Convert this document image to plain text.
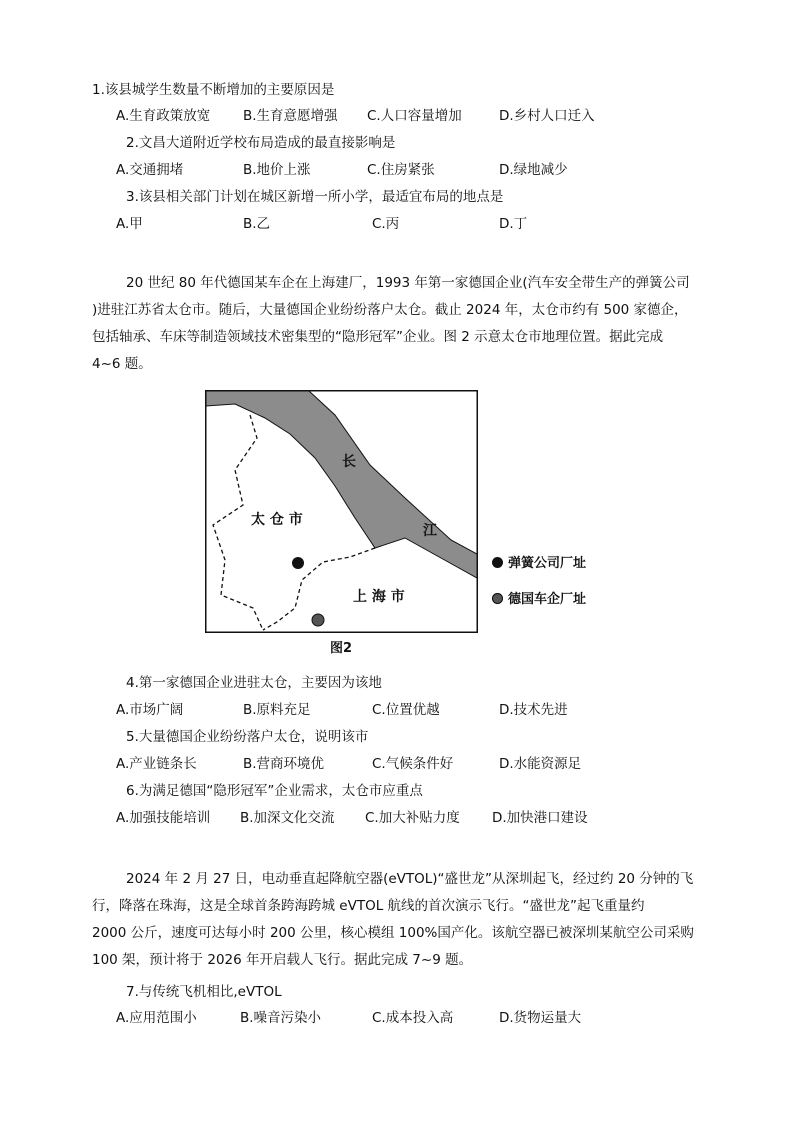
1.该县城学生数量不断增加的主要原因是
A.生育政策放宽 B.生育意愿增强 C.人口容量增加	D.乡村人口迁入
2.文昌大道附近学校布局造成的最直接影响是
A.交通拥堵	B.地价上涨	C.住房紧张	D.绿地减少
3.该县相关部门计划在城区新增一所小学，最适宜布局的地点是
A.甲	B.乙	C.丙	D.丁
20 世纪 80 年代德国某车企在上海建厂，1993 年第一家德国企业(汽车安全带生产的弹簧公司
)进驻江苏省太仓市。随后，大量德国企业纷纷落户太仓。截止 2024 年，太仓市约有 500 家德企，
包括轴承、车床等制造领域技术密集型的“隐形冠军”企业。图 2 示意太仓市地理位置。据此完成
4~6 题。
太 仓 市
上 海 市
长
江
弹簧公司厂址
德国车企厂址
图2
4.第一家德国企业进驻太仓，主要因为该地
A.市场广阔	B.原料充足	C.位置优越	D.技术先进
5.大量德国企业纷纷落户太仓，说明该市
A.产业链条长	B.营商环境优	C.气候条件好	D.水能资源足
6.为满足德国“隐形冠军”企业需求，太仓市应重点
A.加强技能培训 B.加深文化交流 C.加大补贴力度 D.加快港口建设
2024 年 2 月 27 日，电动垂直起降航空器(eVTOL)“盛世龙”从深圳起飞，经过约 20 分钟的飞
行，降落在珠海，这是全球首条跨海跨城 eVTOL 航线的首次演示飞行。“盛世龙”起飞重量约
2000 公斤，速度可达每小时 200 公里，核心模组 100%国产化。该航空器已被深圳某航空公司采购
100 架，预计将于 2026 年开启载人飞行。据此完成 7~9 题。
7.与传统飞机相比,eVTOL
A.应用范围小	B.噪音污染小	C.成本投入高	D.货物运量大
